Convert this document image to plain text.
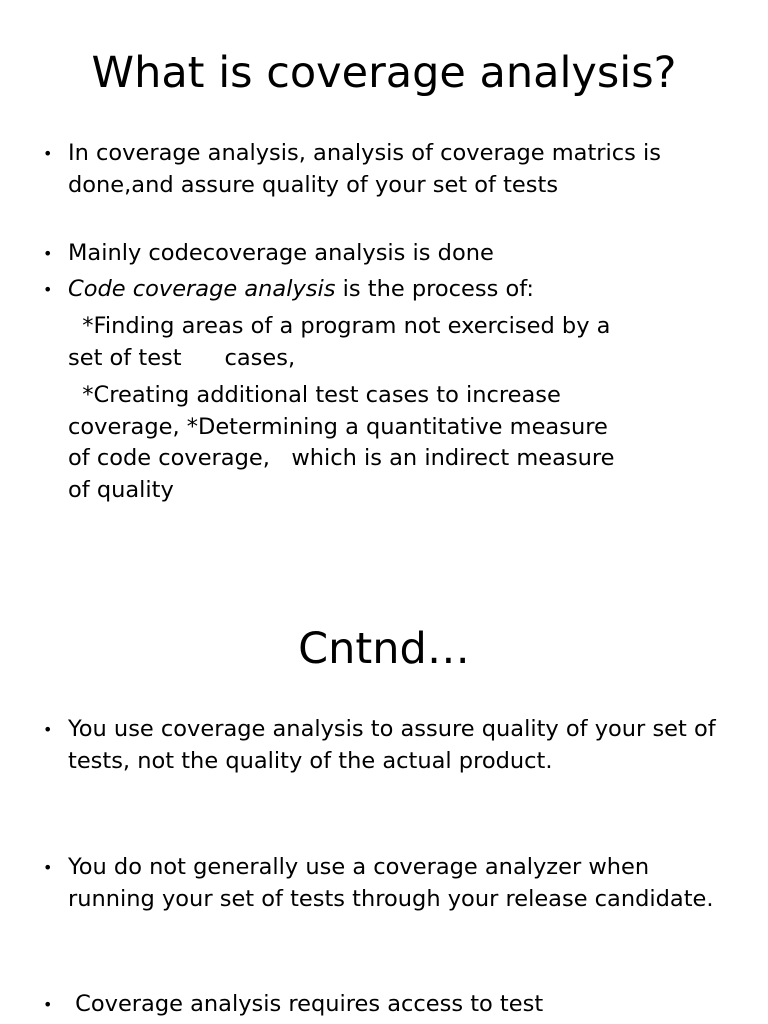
What is coverage analysis?

• In coverage analysis, analysis of coverage matrics is done,and assure quality of your set of tests

• Mainly codecoverage analysis is done

• Code coverage analysis is the process of:

*Finding areas of a program not exercised by a
set of test      cases,

*Creating additional test cases to increase
coverage, *Determining a quantitative measure
of code coverage,   which is an indirect measure
of quality

Cntnd…

• You use coverage analysis to assure quality of your set of tests, not the quality of the actual product.

• You do not generally use a coverage analyzer when running your set of tests through your release candidate.

• Coverage analysis requires access to test
